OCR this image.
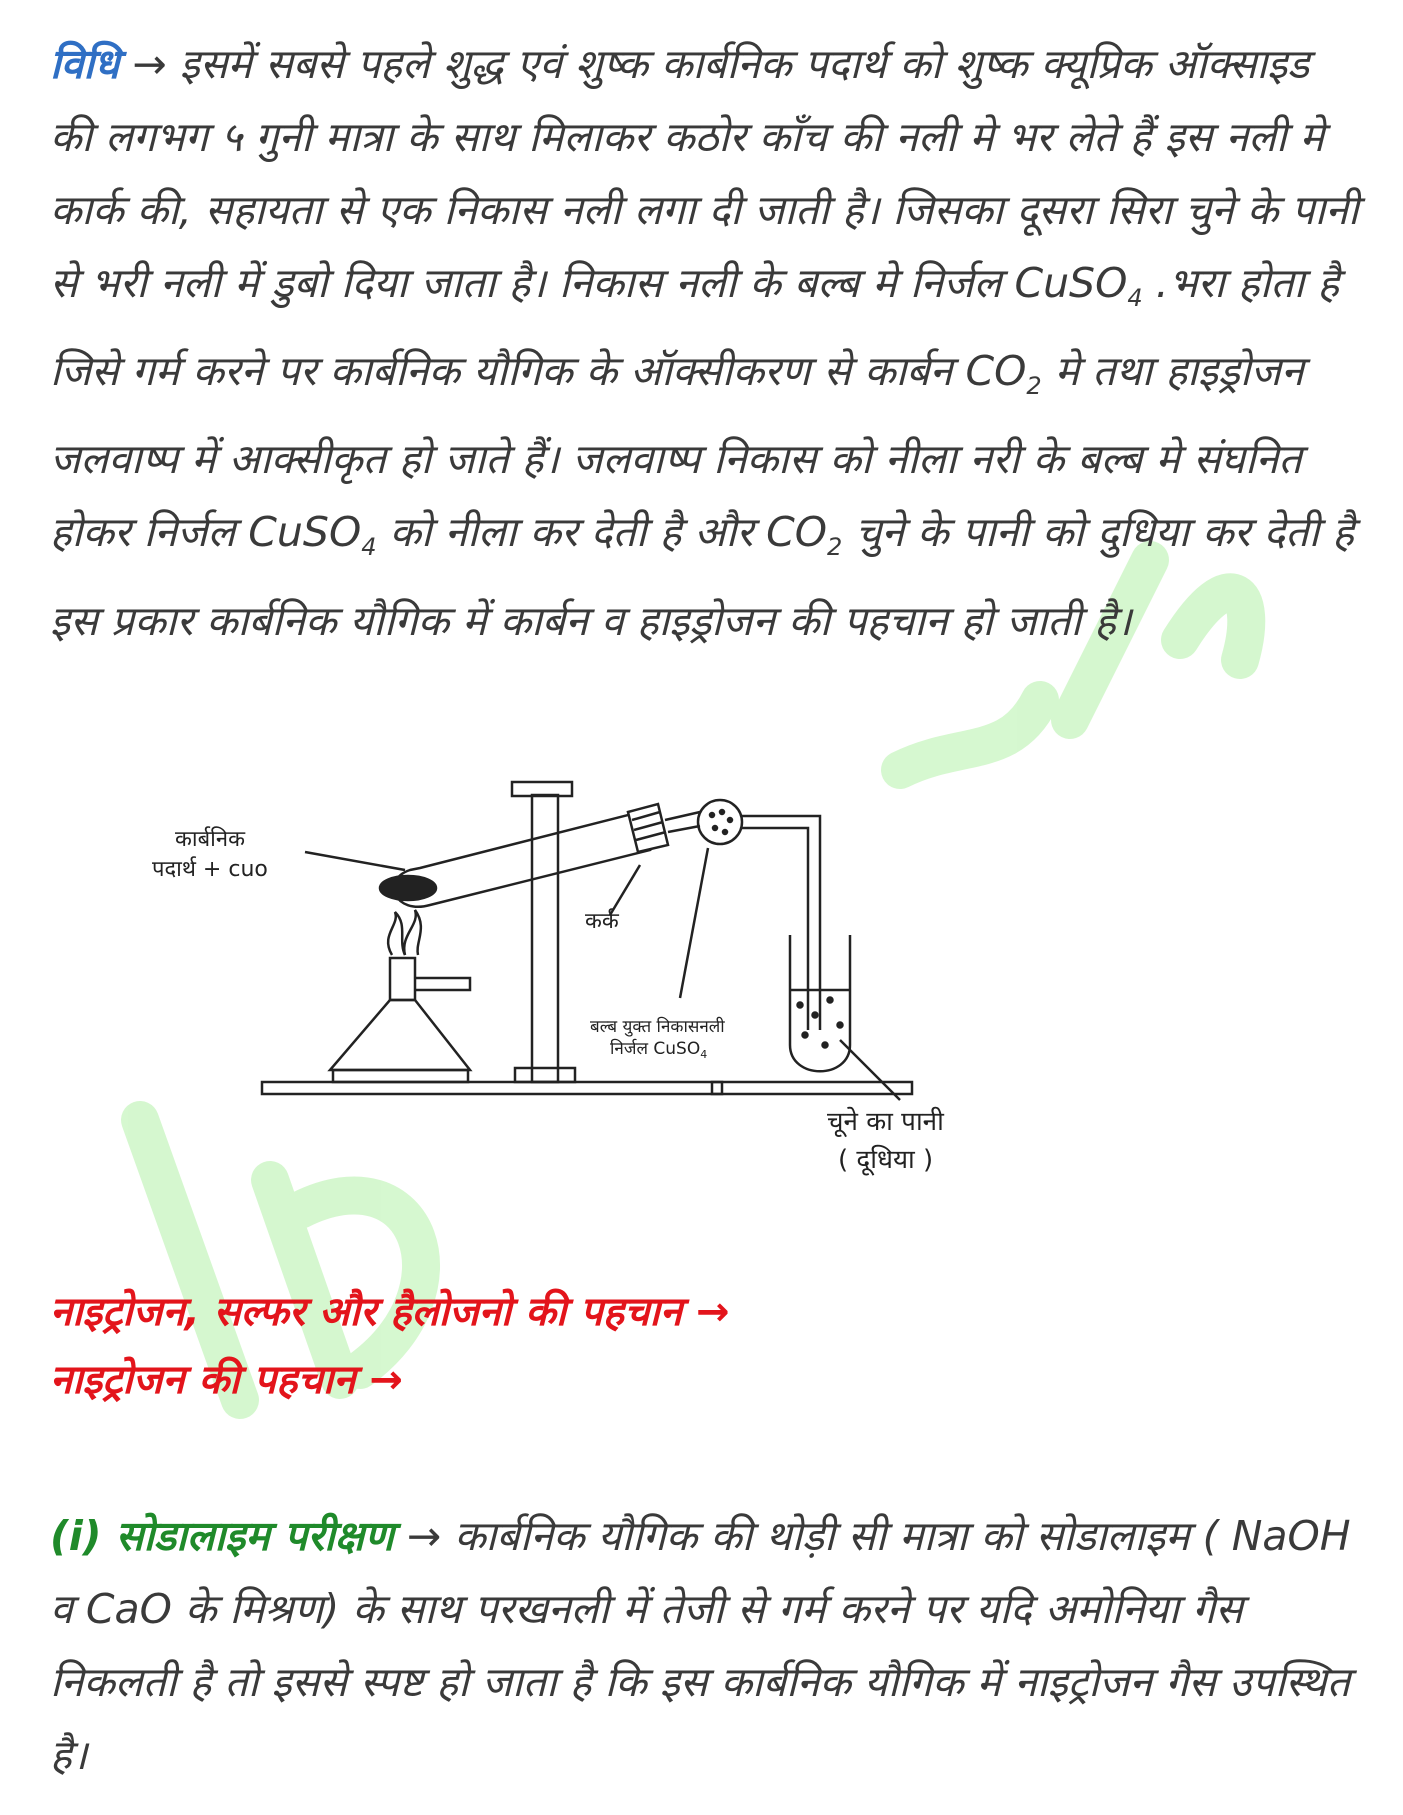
विधि → इसमें सबसे पहले शुद्ध एवं शुष्क कार्बनिक पदार्थ को शुष्क क्यूप्रिक ऑक्साइड की लगभग ५ गुनी मात्रा के साथ मिलाकर कठोर काँच की नली मे भर लेते हैं इस नली मे कार्क की, सहायता से एक निकास नली लगा दी जाती है। जिसका दूसरा सिरा चुने के पानी से भरी नली में डुबो दिया जाता है। निकास नली के बल्ब मे निर्जल CuSO$_4$ .भरा होता है जिसे गर्म करने पर कार्बनिक यौगिक के ऑक्सीकरण से कार्बन $CO_2$ मे तथा हाइड्रोजन जलवाष्प में आक्सीकृत हो जाते हैं। जलवाष्प निकास को नीला नरी के बल्ब मे संघनित होकर निर्जल CuSO$_4$ को नीला कर देती है और $CO_2$ चुने के पानी को दुधिया कर देती है इस प्रकार कार्बनिक यौगिक में कार्बन व हाइड्रोजन की पहचान हो जाती है।
कार्बनिक
पदार्थ + cuo
कर्क
बल्ब युक्त निकासनली
निर्जल CuSO$_4$
चूने का पानी
( दूधिया )
नाइट्रोजन, सल्फर और हैलोजनो की पहचान →
नाइट्रोजन की पहचान →
(i) सोडालाइम परीक्षण → कार्बनिक यौगिक की थोड़ी सी मात्रा को सोडालाइम ( NaOH व CaO के मिश्रण) के साथ परखनली में तेजी से गर्म करने पर यदि अमोनिया गैस निकलती है तो इससे स्पष्ट हो जाता है कि इस कार्बनिक यौगिक में नाइट्रोजन गैस उपस्थित है।
